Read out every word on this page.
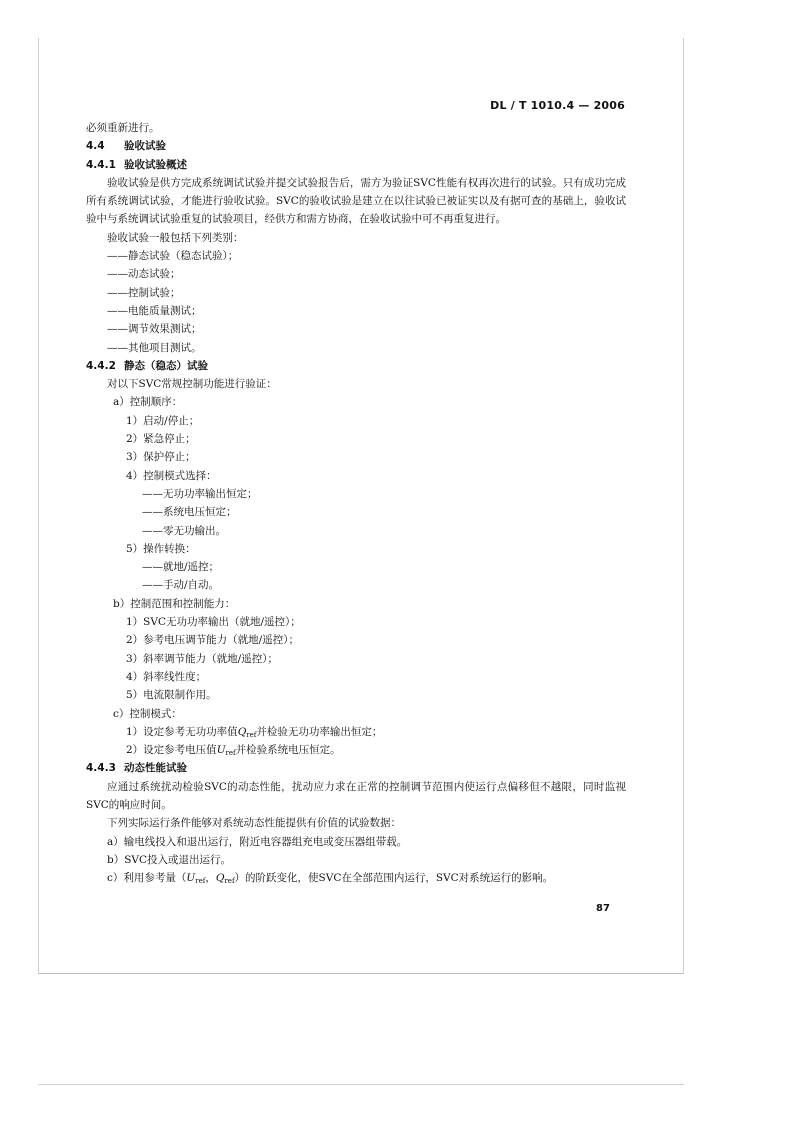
DL / T 1010.4 — 2006
必须重新进行。
4.4 验收试验
4.4.1 验收试验概述
验收试验是供方完成系统调试试验并提交试验报告后，需方为验证SVC性能有权再次进行的试验。只有成功完成所有系统调试试验，才能进行验收试验。SVC的验收试验是建立在以往试验已被证实以及有据可查的基础上，验收试验中与系统调试试验重复的试验项目，经供方和需方协商，在验收试验中可不再重复进行。
验收试验一般包括下列类别：
——静态试验（稳态试验）；
——动态试验；
——控制试验；
——电能质量测试；
——调节效果测试；
——其他项目测试。
4.4.2 静态（稳态）试验
对以下SVC常规控制功能进行验证：
a）控制顺序：
1）启动/停止；
2）紧急停止；
3）保护停止；
4）控制模式选择：
——无功功率输出恒定；
——系统电压恒定；
——零无功输出。
5）操作转换：
——就地/遥控；
——手动/自动。
b）控制范围和控制能力：
1）SVC无功功率输出（就地/遥控）；
2）参考电压调节能力（就地/遥控）；
3）斜率调节能力（就地/遥控）；
4）斜率线性度；
5）电流限制作用。
c）控制模式：
1）设定参考无功功率值$Q_{ref}$并检验无功功率输出恒定；
2）设定参考电压值$U_{ref}$并检验系统电压恒定。
4.4.3 动态性能试验
应通过系统扰动检验SVC的动态性能，扰动应力求在正常的控制调节范围内使运行点偏移但不越限，同时监视SVC的响应时间。
下列实际运行条件能够对系统动态性能提供有价值的试验数据：
a）输电线投入和退出运行，附近电容器组充电或变压器组带载。
b）SVC投入或退出运行。
c）利用参考量（$U_{ref}$，$Q_{ref}$）的阶跃变化，使SVC在全部范围内运行，SVC对系统运行的影响。
87
